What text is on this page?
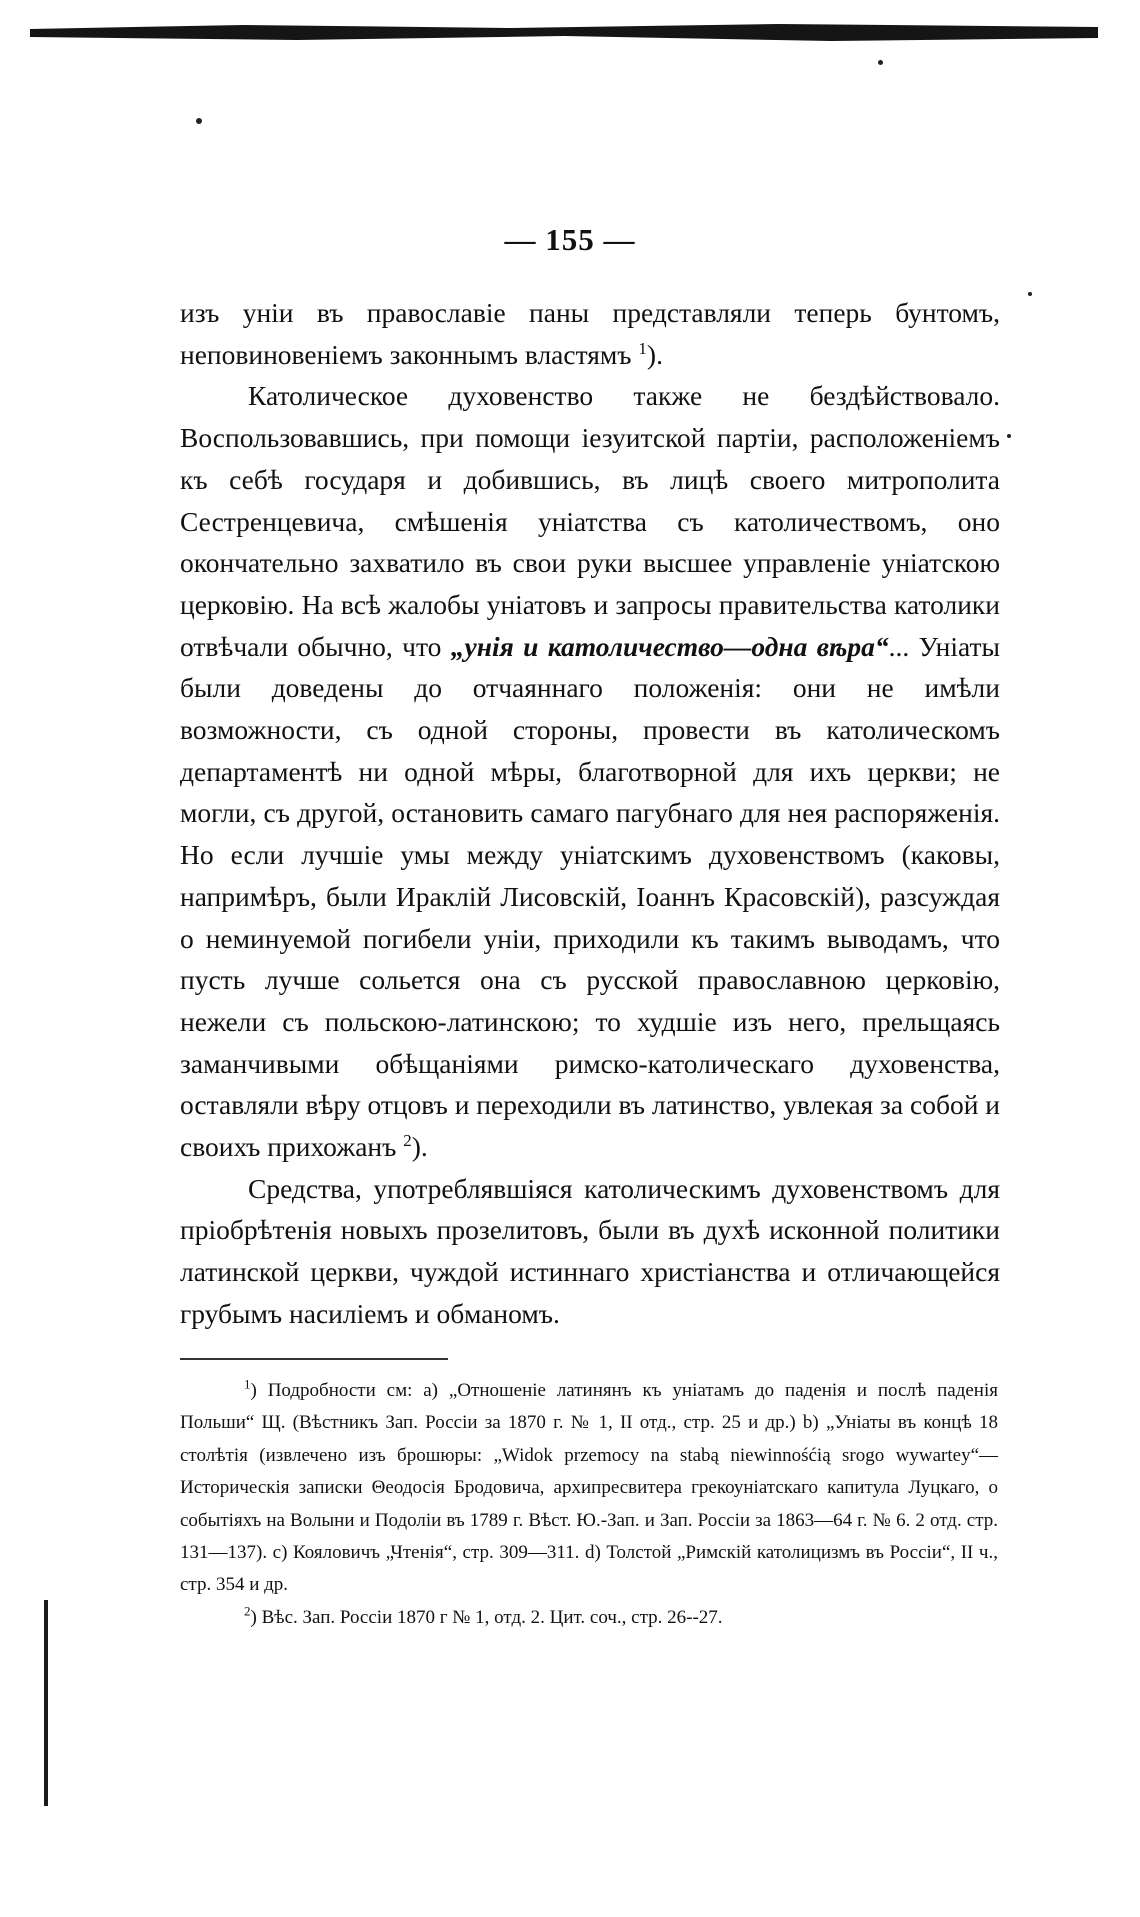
— 155 —

изъ уніи въ православіе паны представляли теперь бунтомъ, неповиновеніемъ законнымъ властямъ $^1$).

Католическое духовенство также не бездѣйствовало. Воспользовавшись, при помощи іезуитской партіи, расположеніемъ къ себѣ государя и добившись, въ лицѣ своего митрополита Сестренцевича, смѣшенія уніатства съ католичествомъ, оно окончательно захватило въ свои руки высшее управленіе уніатскою церковію. На всѣ жалобы уніатовъ и запросы правительства католики отвѣчали обычно, что „унія и католичество—одна вѣра“... Уніаты были доведены до отчаяннаго положенія: они не имѣли возможности, съ одной стороны, провести въ католическомъ департаментѣ ни одной мѣры, благотворной для ихъ церкви; не могли, съ другой, остановить самаго пагубнаго для нея распоряженія. Но если лучшіе умы между уніатскимъ духовенствомъ (каковы, напримѣръ, были Ираклій Лисовскій, Іоаннъ Красовскій), разсуждая о неминуемой погибели уніи, приходили къ такимъ выводамъ, что пусть лучше сольется она съ русской православною церковію, нежели съ польскою-латинскою; то худшіе изъ него, прельщаясь заманчивыми обѣщаніями римско-католическаго духовенства, оставляли вѣру отцовъ и переходили въ латинство, увлекая за собой и своихъ прихожанъ $^2$).

Средства, употреблявшіяся католическимъ духовенствомъ для пріобрѣтенія новыхъ прозелитовъ, были въ духѣ исконной политики латинской церкви, чуждой истиннаго христіанства и отличающейся грубымъ насиліемъ и обманомъ.

$^1$) Подробности см: a) „Отношеніе латинянъ къ уніатамъ до паденія и послѣ паденія Польши“ Щ. (Вѣстникъ Зап. Россіи за 1870 г. № 1, II отд., стр. 25 и др.) b) „Уніаты въ концѣ 18 столѣтія (извлечено изъ брошюры: „Widok przemocy na stabą niewinnośćią srogo wywartey“—Историческія записки Θеодосія Бродовича, архипресвитера грекоуніатскаго капитула Луцкаго, о событіяхъ на Волыни и Подоліи въ 1789 г. Вѣст. Ю.-Зап. и Зап. Россіи за 1863—64 г. № 6. 2 отд. стр. 131—137). c) Кояловичъ „Чтенія“, стр. 309—311. d) Толстой „Римскій католицизмъ въ Россіи“, II ч., стр. 354 и др.

$^2$) Вѣс. Зап. Россіи 1870 г № 1, отд. 2. Цит. соч., стр. 26--27.
